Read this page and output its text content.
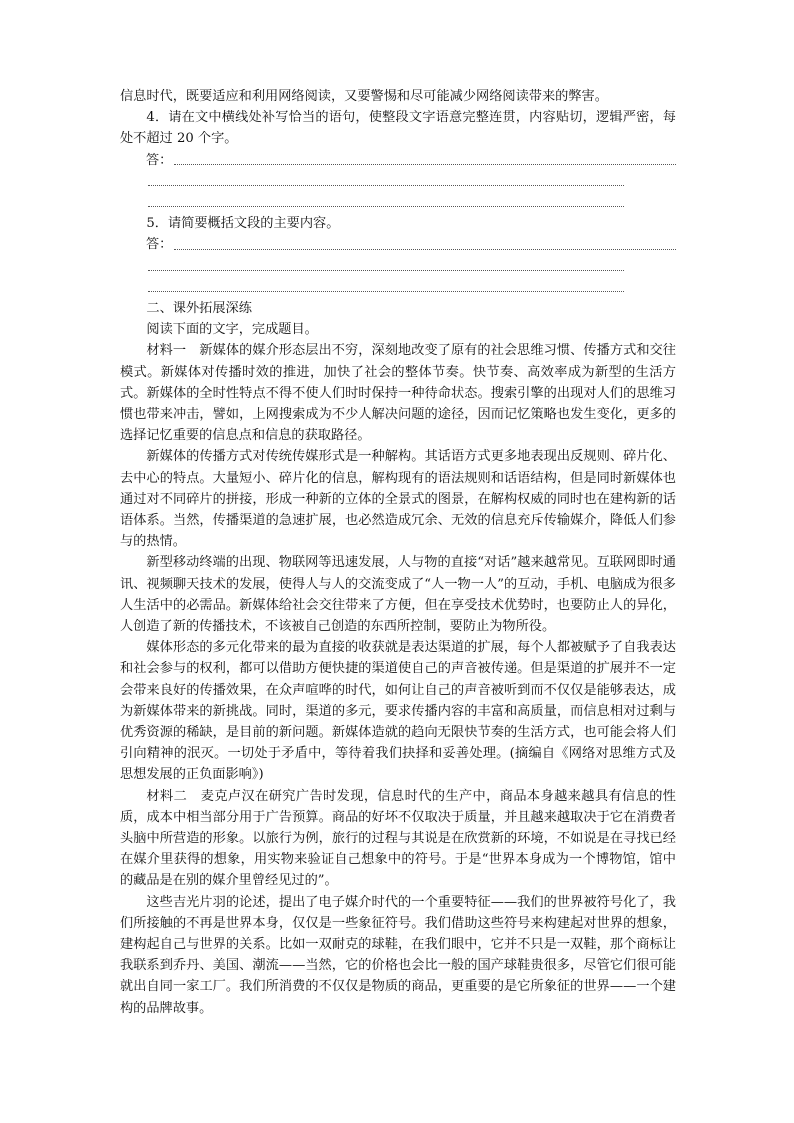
信息时代，既要适应和利用网络阅读，又要警惕和尽可能减少网络阅读带来的弊害。

4．请在文中横线处补写恰当的语句，使整段文字语意完整连贯，内容贴切，逻辑严密，每处不超过 20 个字。

答：

5．请简要概括文段的主要内容。

答：

二、课外拓展深练

阅读下面的文字，完成题目。

材料一　新媒体的媒介形态层出不穷，深刻地改变了原有的社会思维习惯、传播方式和交往模式。新媒体对传播时效的推进，加快了社会的整体节奏。快节奏、高效率成为新型的生活方式。新媒体的全时性特点不得不使人们时时保持一种待命状态。搜索引擎的出现对人们的思维习惯也带来冲击，譬如，上网搜索成为不少人解决问题的途径，因而记忆策略也发生变化，更多的选择记忆重要的信息点和信息的获取路径。

新媒体的传播方式对传统传媒形式是一种解构。其话语方式更多地表现出反规则、碎片化、去中心的特点。大量短小、碎片化的信息，解构现有的语法规则和话语结构，但是同时新媒体也通过对不同碎片的拼接，形成一种新的立体的全景式的图景，在解构权威的同时也在建构新的话语体系。当然，传播渠道的急速扩展，也必然造成冗余、无效的信息充斥传输媒介，降低人们参与的热情。

新型移动终端的出现、物联网等迅速发展，人与物的直接“对话”越来越常见。互联网即时通讯、视频聊天技术的发展，使得人与人的交流变成了“人一物一人”的互动，手机、电脑成为很多人生活中的必需品。新媒体给社会交往带来了方便，但在享受技术优势时，也要防止人的异化，人创造了新的传播技术，不该被自己创造的东西所控制，要防止为物所役。

媒体形态的多元化带来的最为直接的收获就是表达渠道的扩展，每个人都被赋予了自我表达和社会参与的权利，都可以借助方便快捷的渠道使自己的声音被传递。但是渠道的扩展并不一定会带来良好的传播效果，在众声喧哗的时代，如何让自己的声音被听到而不仅仅是能够表达，成为新媒体带来的新挑战。同时，渠道的多元，要求传播内容的丰富和高质量，而信息相对过剩与优秀资源的稀缺，是目前的新问题。新媒体造就的趋向无限快节奏的生活方式，也可能会将人们引向精神的泯灭。一切处于矛盾中，等待着我们抉择和妥善处理。(摘编自《网络对思维方式及思想发展的正负面影响》)

材料二　麦克卢汉在研究广告时发现，信息时代的生产中，商品本身越来越具有信息的性质，成本中相当部分用于广告预算。商品的好坏不仅取决于质量，并且越来越取决于它在消费者头脑中所营造的形象。以旅行为例，旅行的过程与其说是在欣赏新的环境，不如说是在寻找已经在媒介里获得的想象，用实物来验证自己想象中的符号。于是“世界本身成为一个博物馆，馆中的藏品是在别的媒介里曾经见过的”。

这些吉光片羽的论述，提出了电子媒介时代的一个重要特征——我们的世界被符号化了，我们所接触的不再是世界本身，仅仅是一些象征符号。我们借助这些符号来构建起对世界的想象，建构起自己与世界的关系。比如一双耐克的球鞋，在我们眼中，它并不只是一双鞋，那个商标让我联系到乔丹、美国、潮流——当然，它的价格也会比一般的国产球鞋贵很多，尽管它们很可能就出自同一家工厂。我们所消费的不仅仅是物质的商品，更重要的是它所象征的世界——一个建构的品牌故事。
